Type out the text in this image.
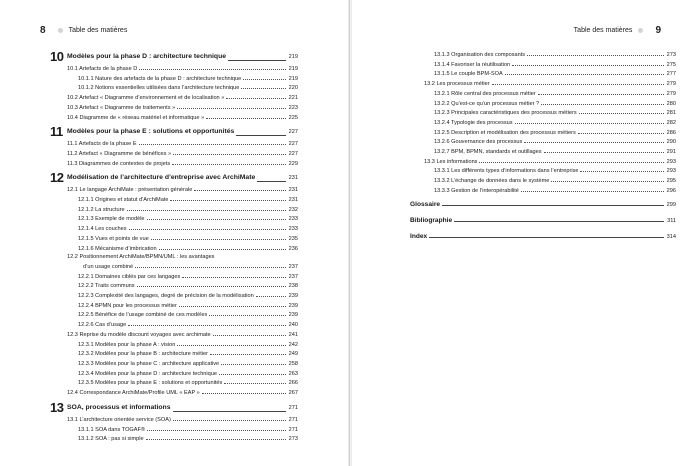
8	Table des matières	Table des matières 9
10 Modèles pour la phase D : architecture technique	219
10.1 Artefacts de la phase D	219
10.1.1 Nature des artefacts de la phase D : architecture technique	219
10.1.2 Notions essentielles utilisées dans l’architecture technique	220
10.2 Artefact « Diagramme d’environnement et de localisation »	221
10.3 Artefact « Diagramme de traitements »	223
10.4 Diagramme de « réseau matériel et informatique »	225
11 Modèles pour la phase E : solutions et opportunités	227
11.1 Artefacts de la phase E	227
11.2 Artefact « Diagramme de bénéfices »	227
11.3 Diagrammes de contextes de projets	229
12 Modélisation de l’architecture d’entreprise avec ArchiMate	231
12.1 Le langage ArchiMate : présentation générale	231
12.1.1 Origines et statut d’ArchiMate	231
12.1.2 La structure	232
12.1.3 Exemple de modèle	233
12.1.4 Les couches	233
12.1.5 Vues et points de vue	235
12.1.6 Mécanisme d’imbrication	236
12.2 Positionnement ArchiMate/BPMN/UML : les avantages
d’un usage combiné	237
12.2.1 Domaines ciblés par ces langages	237
12.2.2 Traits communs	238
12.2.3 Complexité des langages, degré de précision de la modélisation	239
12.2.4 BPMN pour les processus métier	239
12.2.5 Bénéfice de l’usage combiné de ces modèles	239
12.2.6 Cas d’usage	240
12.3 Reprise du modèle discount voyages avec archimate	241
12.3.1 Modèles pour la phase A : vision	242
12.3.2 Modèles pour la phase B : architecture métier	249
12.3.3 Modèles pour la phase C : architecture applicative	258
12.3.4 Modèles pour la phase D : architecture technique	263
12.3.5 Modèles pour la phase E : solutions et opportunités	266
12.4 Correspondance ArchiMate/Profile UML « EAP »	267
13 SOA, processus et informations	271
13.1 L’architecture orientée service (SOA)	271
13.1.1 SOA dans TOGAF®	271
13.1.2 SOA : pas si simple	273
13.1.3 Organisation des composants	273
13.1.4 Favoriser la réutilisation	275
13.1.5 Le couple BPM-SOA	277
13.2 Les processus métier	279
13.2.1 Rôle central des processus métier	279
13.2.2 Qu’est-ce qu’un processus métier ?	280
13.2.3 Principales caractéristiques des processus métiers	281
13.2.4 Typologie des processus	282
13.2.5 Description et modélisation des processus métiers	286
13.2.6 Gouvernance des processus	290
13.2.7 BPM, BPMN, standards et outillages	291
13.3 Les informations	293
13.3.1 Les différents types d’informations dans l’entreprise	293
13.3.2 L’échange de données dans le système	295
13.3.3 Gestion de l’interopérabilité	296
Glossaire	299
Bibliographie	311
Index	314
